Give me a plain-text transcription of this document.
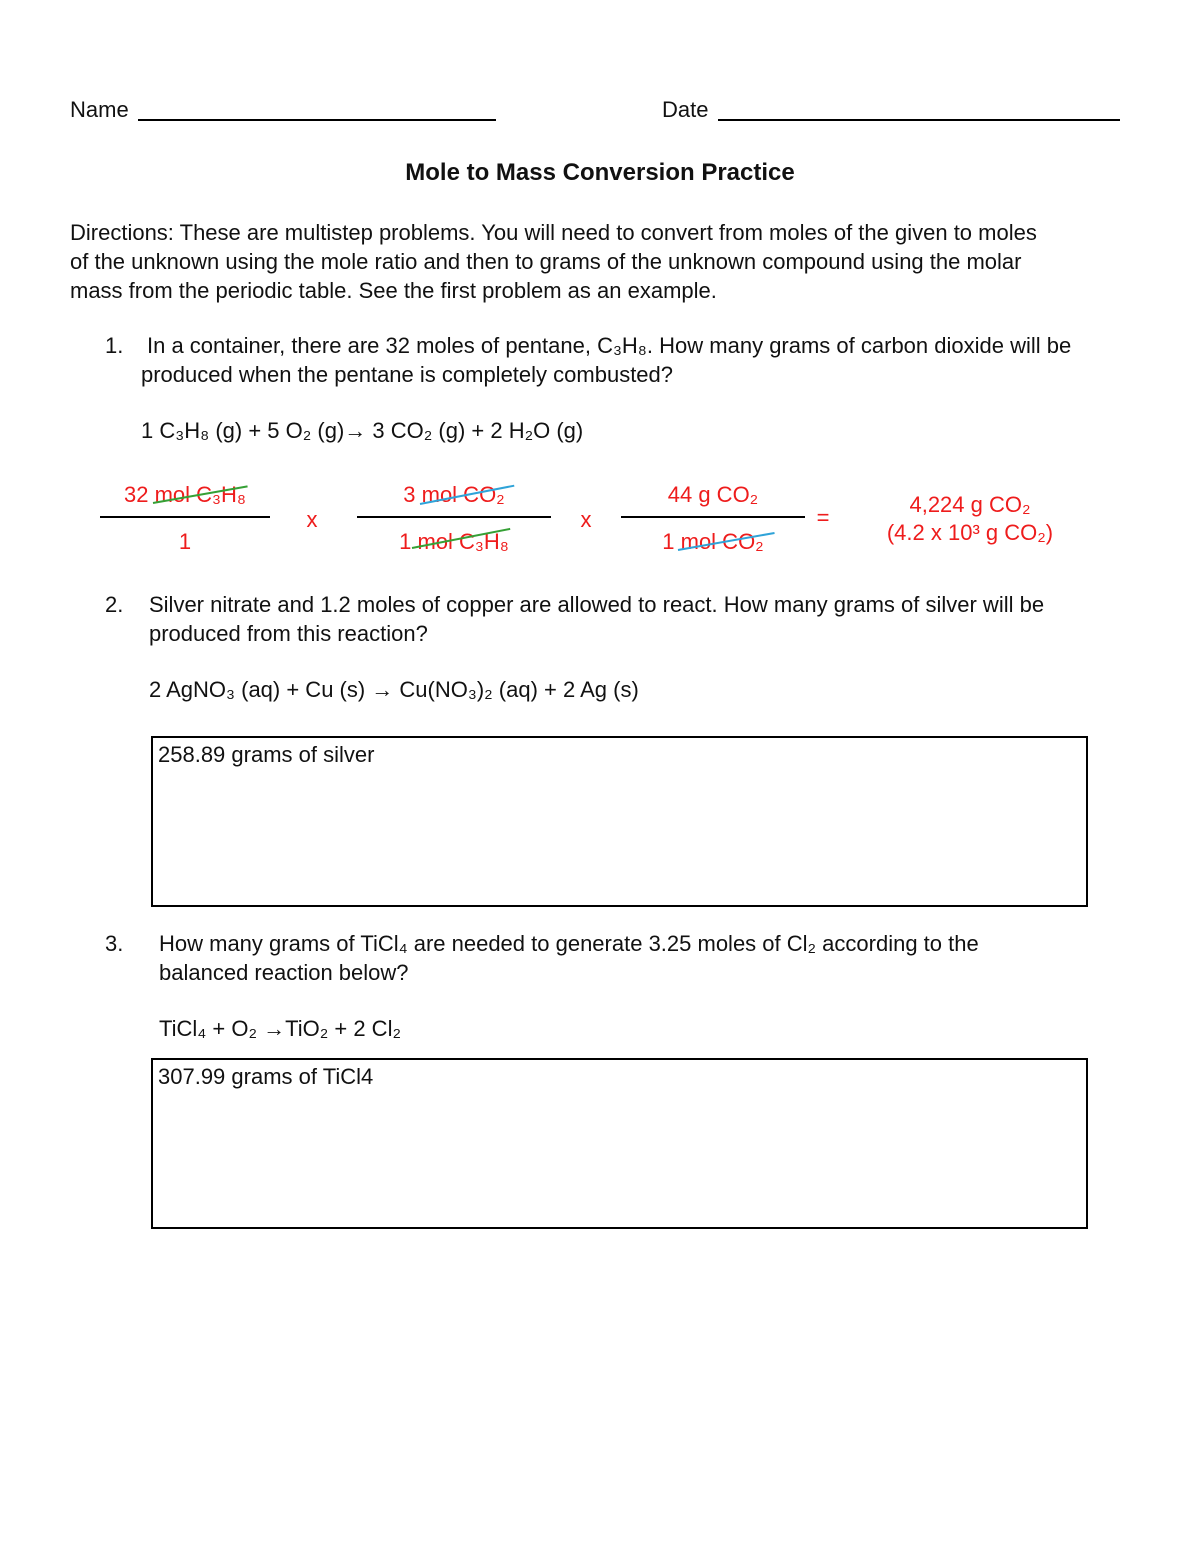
Name	Date
Mole to Mass Conversion Practice
Directions: These are multistep problems. You will need to convert from moles of the given to moles
of the unknown using the mole ratio and then to grams of the unknown compound using the molar
mass from the periodic table. See the first problem as an example.
1. In a container, there are 32 moles of pentane, C₃H₈. How many grams of carbon dioxide will be
produced when the pentane is completely combusted?
1 C₃H₈ (g) + 5 O₂ (g)→ 3 CO₂ (g) + 2 H₂O (g)
32 mol C₃H₈
1
x
3 mol CO₂
1 mol C₃H₈
x
44 g CO₂
1 mol CO₂
=
4,224 g CO₂
(4.2 x 10³ g CO₂)
2. Silver nitrate and 1.2 moles of copper are allowed to react. How many grams of silver will be
produced from this reaction?
2 AgNO₃ (aq) + Cu (s) → Cu(NO₃)₂ (aq) + 2 Ag (s)
258.89 grams of silver
3. How many grams of TiCl₄ are needed to generate 3.25 moles of Cl₂ according to the
balanced reaction below?
TiCl₄ + O₂ →TiO₂ + 2 Cl₂
307.99 grams of TiCl4
